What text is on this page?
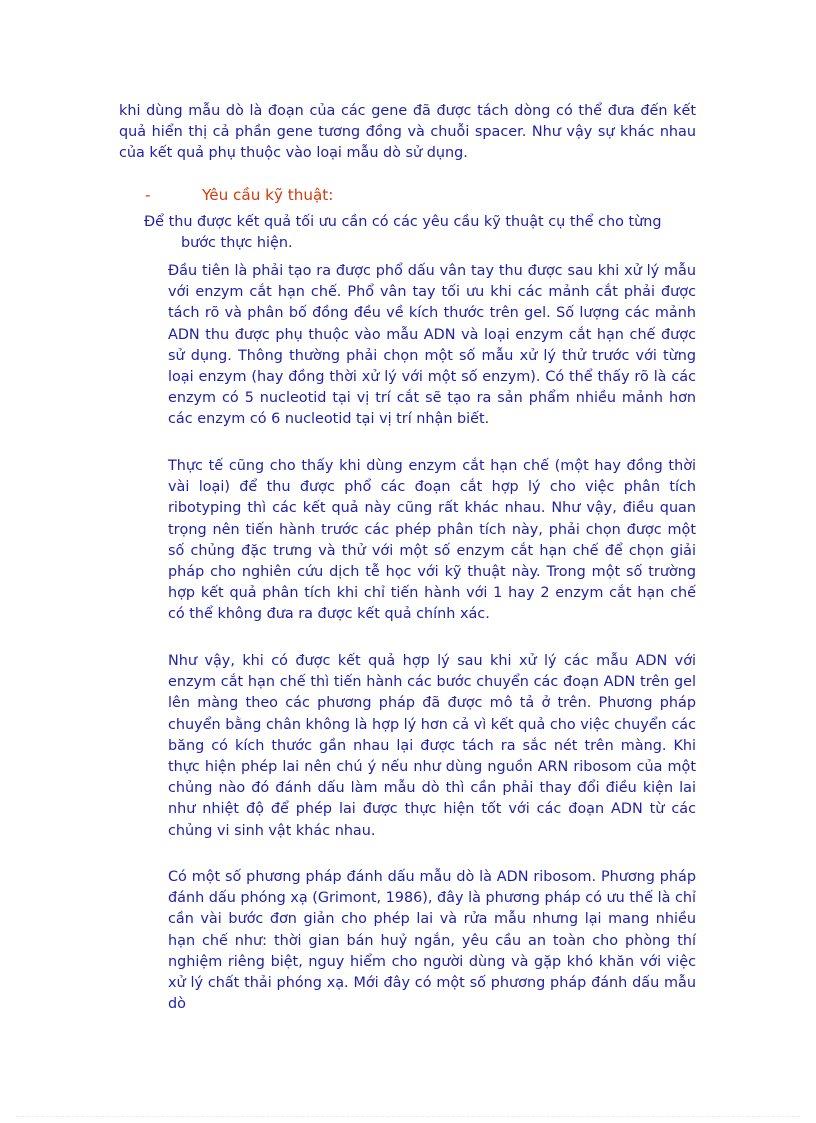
khi dùng mẫu dò là đoạn của các gene đã được tách dòng có thể đưa đến kết quả hiển thị cả phần gene tương đồng và chuỗi spacer. Như vậy sự khác nhau của kết quả phụ thuộc vào loại mẫu dò sử dụng.

-	Yêu cầu kỹ thuật:

Để thu được kết quả tối ưu cần có các yêu cầu kỹ thuật cụ thể cho từng bước thực hiện.

Đầu tiên là phải tạo ra được phổ dấu vân tay thu được sau khi xử lý mẫu với enzym cắt hạn chế. Phổ vân tay tối ưu khi các mảnh cắt phải được tách rõ và phân bố đồng đều về kích thước trên gel. Số lượng các mảnh ADN thu được phụ thuộc vào mẫu ADN và loại enzym cắt hạn chế được sử dụng. Thông thường phải chọn một số mẫu xử lý thử trước với từng loại enzym (hay đồng thời xử lý với một số enzym). Có thể thấy rõ là các enzym có 5 nucleotid tại vị trí cắt sẽ tạo ra sản phẩm nhiều mảnh hơn các enzym có 6 nucleotid tại vị trí nhận biết.

Thực tế cũng cho thấy khi dùng enzym cắt hạn chế (một hay đồng thời vài loại) để thu được phổ các đoạn cắt hợp lý cho việc phân tích ribotyping thì các kết quả này cũng rất khác nhau. Như vậy, điều quan trọng nên tiến hành trước các phép phân tích này, phải chọn được một số chủng đặc trưng và thử với một số enzym cắt hạn chế để chọn giải pháp cho nghiên cứu dịch tễ học với kỹ thuật này. Trong một số trường hợp kết quả phân tích khi chỉ tiến hành với 1 hay 2 enzym cắt hạn chế có thể không đưa ra được kết quả chính xác.

Như vậy, khi có được kết quả hợp lý sau khi xử lý các mẫu ADN với enzym cắt hạn chế thì tiến hành các bước chuyển các đoạn ADN trên gel lên màng theo các phương pháp đã được mô tả ở trên. Phương pháp chuyển bằng chân không là hợp lý hơn cả vì kết quả cho việc chuyển các băng có kích thước gần nhau lại được tách ra sắc nét trên màng. Khi thực hiện phép lai nên chú ý nếu như dùng nguồn ARN ribosom của một chủng nào đó đánh dấu làm mẫu dò thì cần phải thay đổi điều kiện lai như nhiệt độ để phép lai được thực hiện tốt với các đoạn ADN từ các chủng vi sinh vật khác nhau.

Có một số phương pháp đánh dấu mẫu dò là ADN ribosom. Phương pháp đánh dấu phóng xạ (Grimont, 1986), đây là phương pháp có ưu thế là chỉ cần vài bước đơn giản cho phép lai và rửa mẫu nhưng lại mang nhiều hạn chế như: thời gian bán huỷ ngắn, yêu cầu an toàn cho phòng thí nghiệm riêng biệt, nguy hiểm cho người dùng và gặp khó khăn với việc xử lý chất thải phóng xạ. Mới đây có một số phương pháp đánh dấu mẫu dò
